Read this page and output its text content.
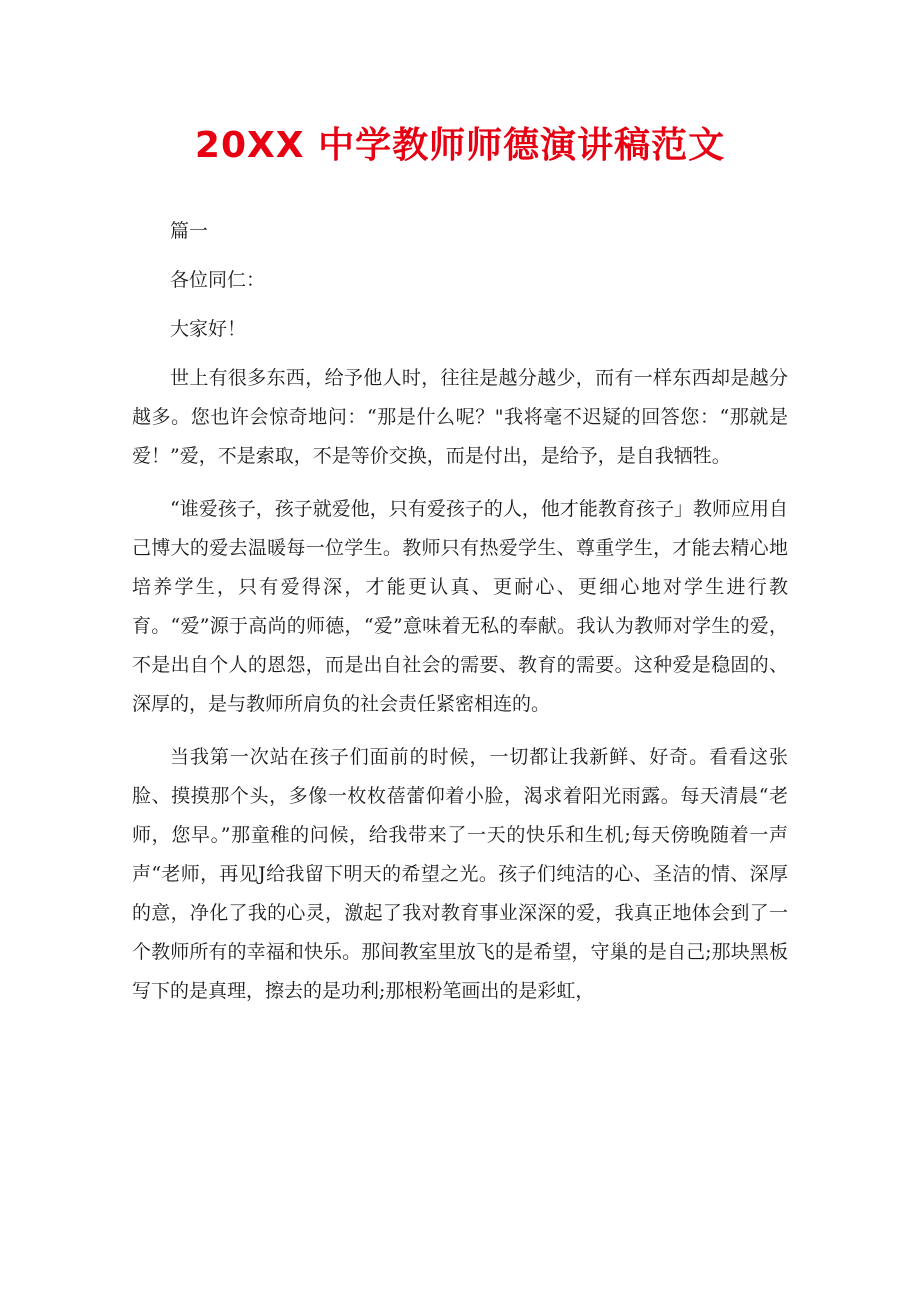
20XX 中学教师师德演讲稿范文

篇一

各位同仁：

大家好！

世上有很多东西，给予他人时，往往是越分越少，而有一样东西却是越分越多。您也许会惊奇地问：“那是什么呢？"我将毫不迟疑的回答您：“那就是爱！”爱，不是索取，不是等价交换，而是付出，是给予，是自我牺牲。

“谁爱孩子，孩子就爱他，只有爱孩子的人，他才能教育孩子」教师应用自己博大的爱去温暖每一位学生。教师只有热爱学生、尊重学生，才能去精心地培养学生，只有爱得深，才能更认真、更耐心、更细心地对学生进行教育。“爱”源于高尚的师德，“爱”意味着无私的奉献。我认为教师对学生的爱，不是出自个人的恩怨，而是出自社会的需要、教育的需要。这种爱是稳固的、深厚的，是与教师所肩负的社会责任紧密相连的。

当我第一次站在孩子们面前的时候，一切都让我新鲜、好奇。看看这张脸、摸摸那个头，多像一枚枚蓓蕾仰着小脸，渴求着阳光雨露。每天清晨“老师，您早。”那童稚的问候，给我带来了一天的快乐和生机;每天傍晚随着一声声“老师，再见J给我留下明天的希望之光。孩子们纯洁的心、圣洁的情、深厚的意，净化了我的心灵，激起了我对教育事业深深的爱，我真正地体会到了一个教师所有的幸福和快乐。那间教室里放飞的是希望，守巢的是自己;那块黑板写下的是真理，擦去的是功利;那根粉笔画出的是彩虹，
